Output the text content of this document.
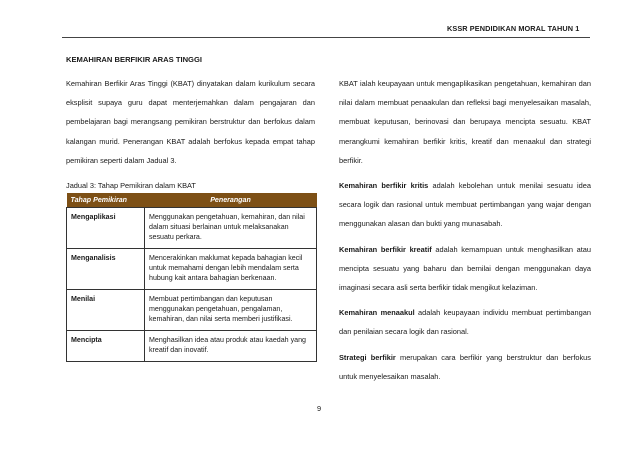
KSSR PENDIDIKAN MORAL TAHUN 1
KEMAHIRAN BERFIKIR ARAS TINGGI

Kemahiran Berfikir Aras Tinggi (KBAT) dinyatakan dalam kurikulum secara eksplisit supaya guru dapat menterjemahkan dalam pengajaran dan pembelajaran bagi merangsang pemikiran berstruktur dan berfokus dalam kalangan murid. Penerangan KBAT adalah berfokus kepada empat tahap pemikiran seperti dalam Jadual 3.

Jadual 3: Tahap Pemikiran dalam KBAT
Tahap Pemikiran	Penerangan
Mengaplikasi	Menggunakan pengetahuan, kemahiran, dan nilai dalam situasi berlainan untuk melaksanakan sesuatu perkara.
Menganalisis	Mencerakinkan maklumat kepada bahagian kecil untuk memahami dengan lebih mendalam serta hubung kait antara bahagian berkenaan.
Menilai	Membuat pertimbangan dan keputusan menggunakan pengetahuan, pengalaman, kemahiran, dan nilai serta memberi justifikasi.
Mencipta	Menghasilkan idea atau produk atau kaedah yang kreatif dan inovatif.

KBAT ialah keupayaan untuk mengaplikasikan pengetahuan, kemahiran dan nilai dalam membuat penaakulan dan refleksi bagi menyelesaikan masalah, membuat keputusan, berinovasi dan berupaya mencipta sesuatu. KBAT merangkumi kemahiran berfikir kritis, kreatif dan menaakul dan strategi berfikir.

Kemahiran berfikir kritis adalah kebolehan untuk menilai sesuatu idea secara logik dan rasional untuk membuat pertimbangan yang wajar dengan menggunakan alasan dan bukti yang munasabah.

Kemahiran berfikir kreatif adalah kemampuan untuk menghasilkan atau mencipta sesuatu yang baharu dan bernilai dengan menggunakan daya imaginasi secara asli serta berfikir tidak mengikut kelaziman.

Kemahiran menaakul adalah keupayaan individu membuat pertimbangan dan penilaian secara logik dan rasional.

Strategi berfikir merupakan cara berfikir yang berstruktur dan berfokus untuk menyelesaikan masalah.

9
